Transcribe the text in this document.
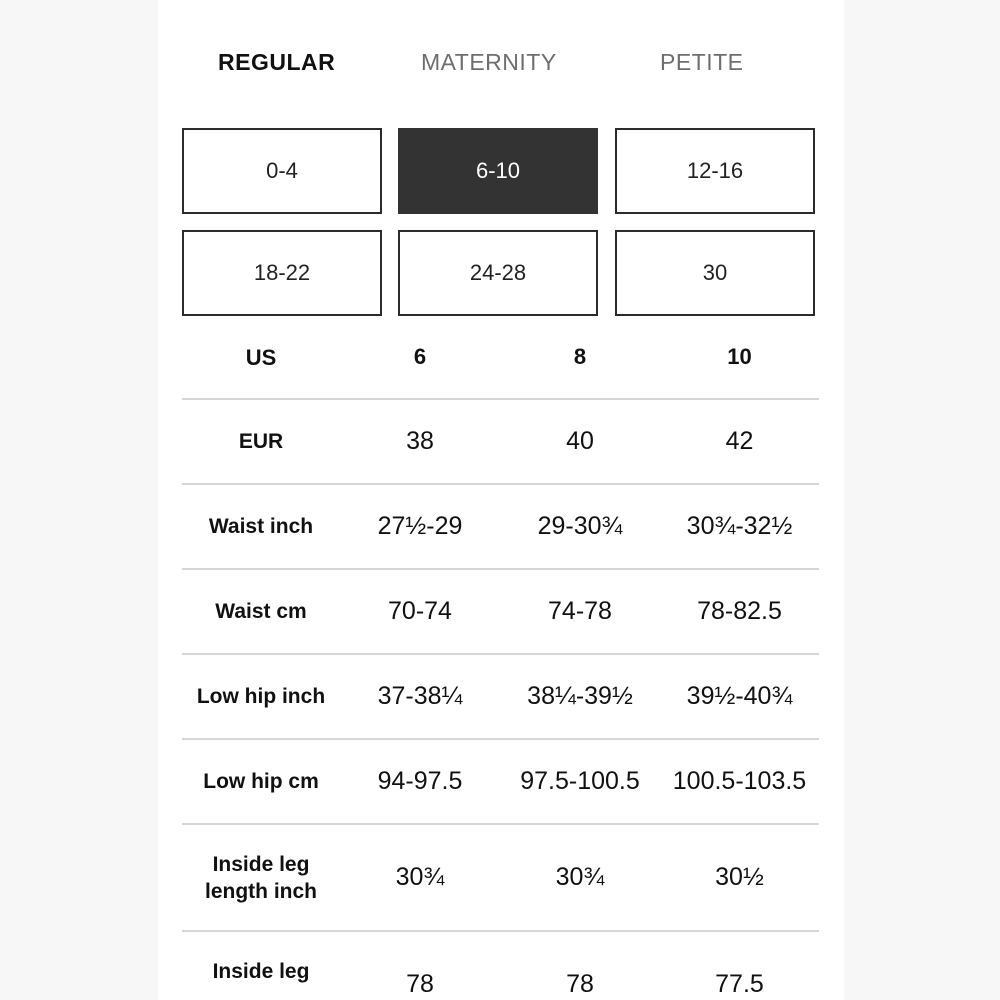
REGULAR	MATERNITY	PETITE
0-4	6-10	12-16
18-22	24-28	30
US	6	8	10
EUR	38	40	42
Waist inch	27½-29	29-30¾	30¾-32½
Waist cm	70-74	74-78	78-82.5
Low hip inch	37-38¼	38¼-39½	39½-40¾
Low hip cm	94-97.5	97.5-100.5	100.5-103.5
Inside leg length inch	30¾	30¾	30½
Inside leg	78	78	77.5
